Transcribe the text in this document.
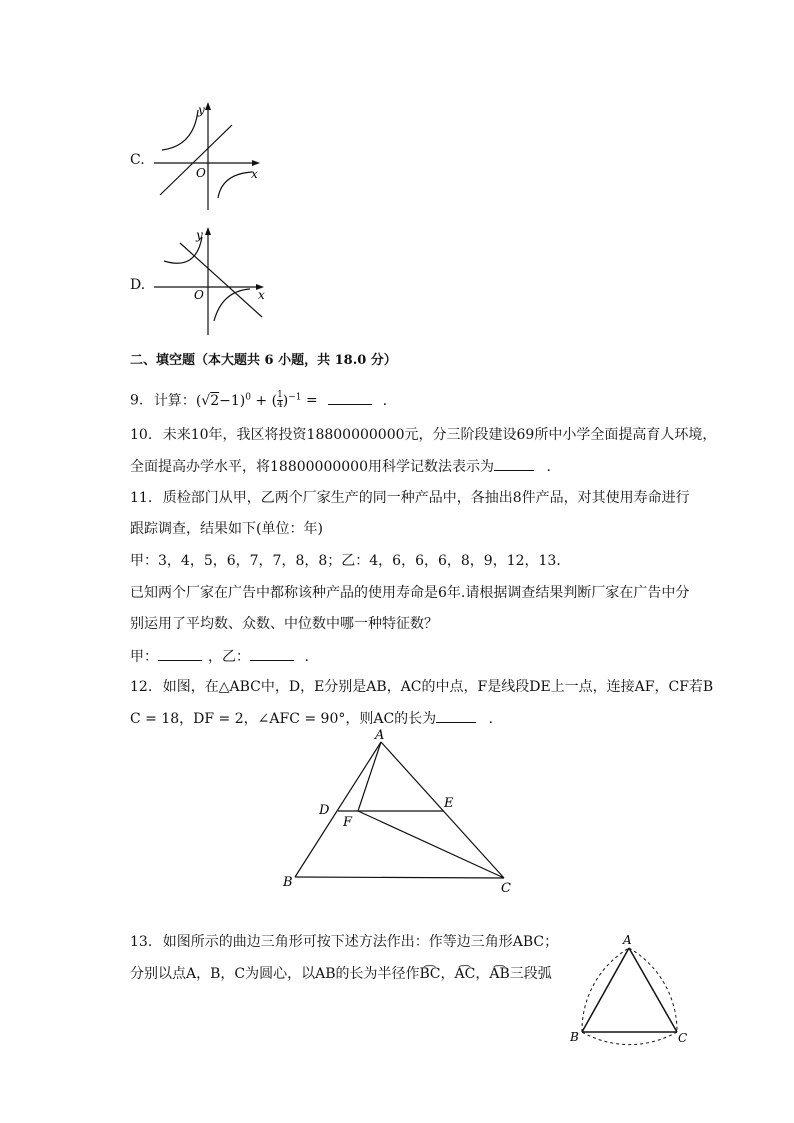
C.
y
O	x
D.
y
O	x
二、填空题（本大题共 6 小题，共 18.0 分）
9. 计算：$(√2-1)^0$ + ( $\frac{1}{4} )^{-1}$ =	.
10. 未来10年，我区将投资18800000000元，分三阶段建设69所中小学全面提高育人环境，
全面提高办学水平，将18800000000用科学记数法表示为	.
11. 质检部门从甲，乙两个厂家生产的同一种产品中，各抽出8件产品，对其使用寿命进行
跟踪调查，结果如下(单位：年)
甲：3，4，5，6，7，7，8，8；乙：4，6，6，6，8，9，12，13．
已知两个厂家在广告中都称该种产品的使用寿命是6年.请根据调查结果判断厂家在广告中分
别运用了平均数、众数、中位数中哪一种特征数？
甲：	，乙：	.
12. 如图，在△ABC中，D，E分别是AB，AC的中点，F是线段DE上一点，连接AF，CF若B
C = 18，DF = 2，∠AFC = 90°，则AC的长为	.
A
B	C
D	E
F
13. 如图所示的曲边三角形可按下述方法作出：作等边三角形ABC；
分别以点A，B，C为圆心，以AB的长为半径作B͡C，A͡C，A͡B三段弧
A
B	C
